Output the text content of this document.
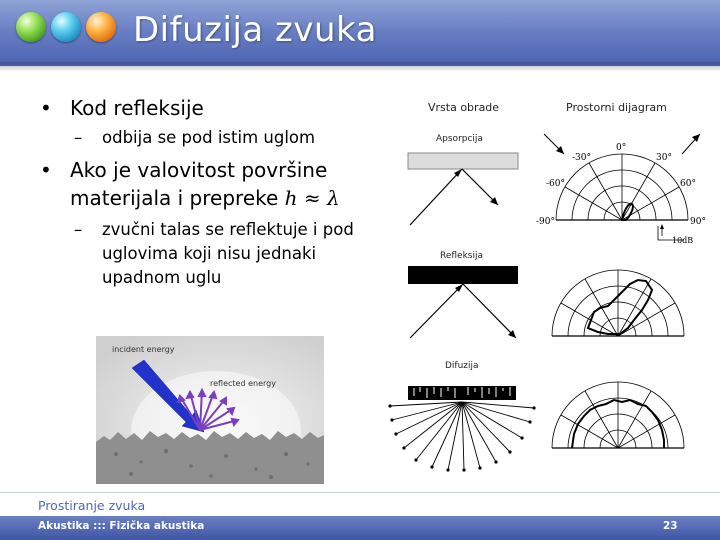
Difuzija zvuka
• Kod refleksije
– odbija se pod istim uglom
• Ako je valovitost površine materijala i prepreke h ≈ λ
– zvučni talas se reflektuje i pod uglovima koji nisu jednaki upadnom uglu
incident energy
reflected energy
Vrsta obrade	Prostorni dijagram
Apsorpcija
Refleksija
Difuzija
0°
30°
60°
90°
-30°
-60°
-90°
10dB
Prostiranje zvuka
Akustika ::: Fizička akustika	23
